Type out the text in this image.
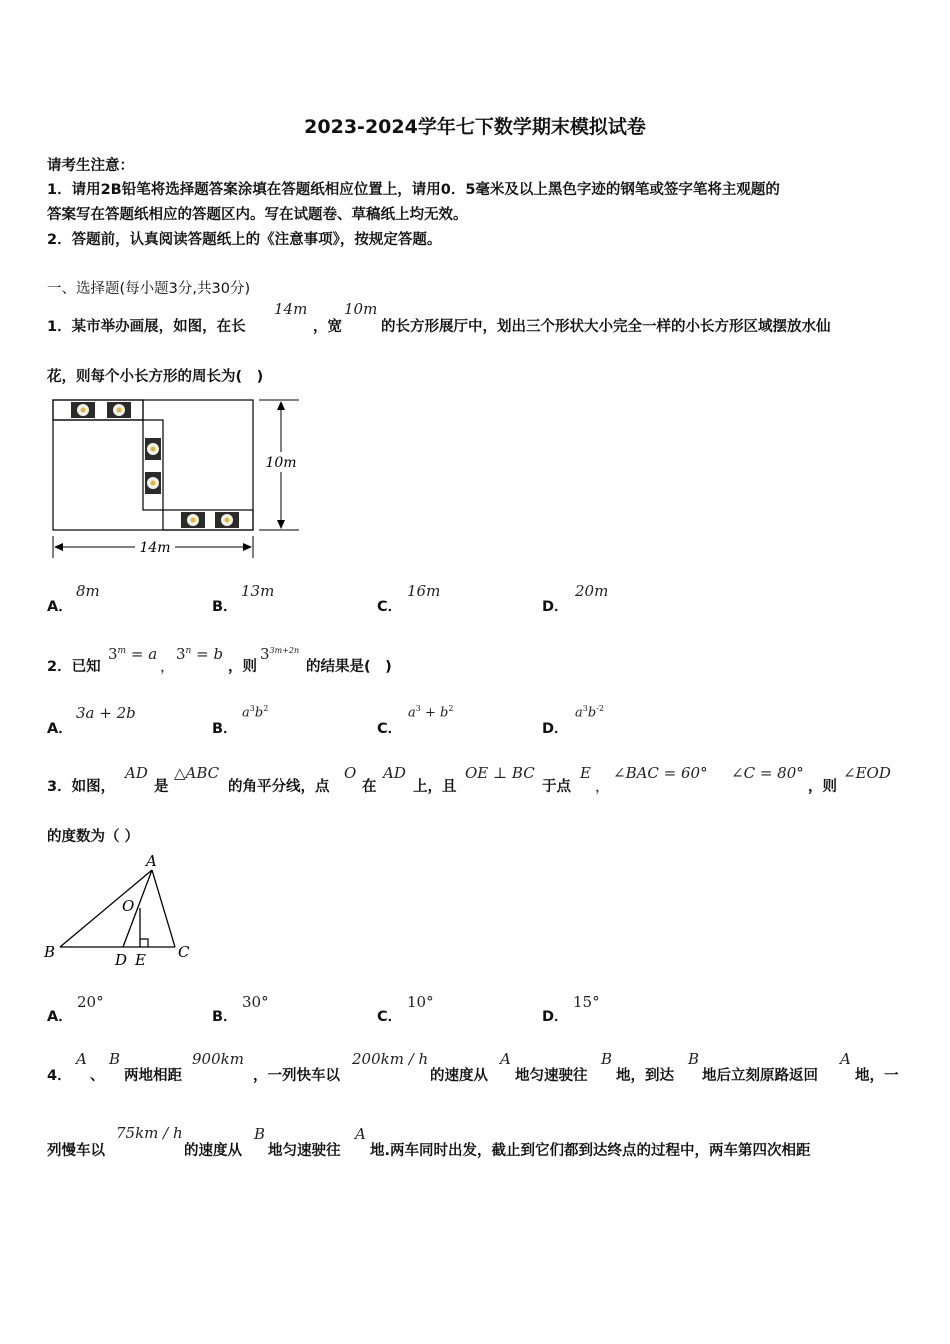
2023-2024学年七下数学期末模拟试卷
请考生注意：
1．请用2B铅笔将选择题答案涂填在答题纸相应位置上，请用0．5毫米及以上黑色字迹的钢笔或签字笔将主观题的
答案写在答题纸相应的答题区内。写在试题卷、草稿纸上均无效。
2．答题前，认真阅读答题纸上的《注意事项》，按规定答题。
一、选择题(每小题3分,共30分)
1．某市举办画展，如图，在长
14m
，宽
10m
的长方形展厅中，划出三个形状大小完全一样的小长方形区域摆放水仙
花，则每个小长方形的周长为(　)
10m
14m
A．
8m
B．
13m
C．
16m
D．
20m
2．已知
$3^m = a$
，
$3^n = b$
，则
$3^{3m+2n}$
的结果是(　)
A．
3a + 2b
B．
$a^3b^2$
C．
$a^3 + b^2$
D．
$a^3b^{-2}$
3．如图，
AD
是
△ABC
的角平分线，点
O
在
AD
上，且
OE ⊥ BC
于点
E
，
∠BAC = 60° ∠C = 80°
，则
∠EOD
的度数为（ ）
A
B	C
D E
O
A．
20°
B．
30°
C．
10°
D．
15°
4．
A
、
B
两地相距
900km
，一列快车以
200km / h
的速度从
A
地匀速驶往
B
地，到达
B
地后立刻原路返回
A
地，一
列慢车以
75km / h
的速度从
B
地匀速驶往
A
地.两车同时出发，截止到它们都到达终点的过程中，两车第四次相距
